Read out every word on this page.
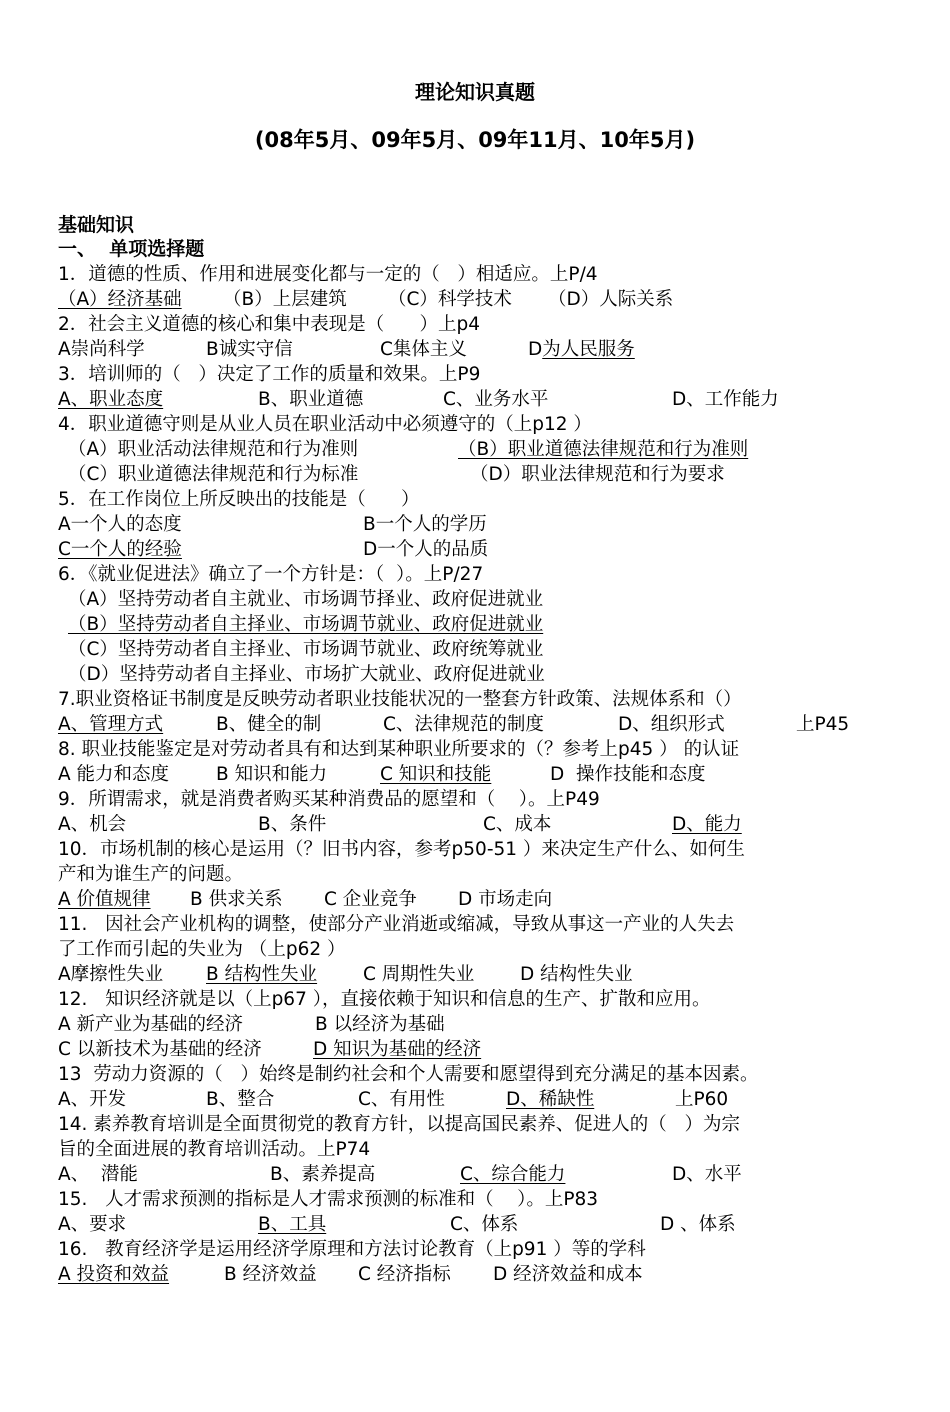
理论知识真题
(08年5月、09年5月、09年11月、10年5月)
基础知识
一、  单项选择题
1．道德的性质、作用和进展变化都与一定的（   ）相适应。上P/4

（A）经济基础

（B）上层建筑

（C）科学技术

（D）人际关系

2．社会主义道德的核心和集中表现是（      ）上p4

A崇尚科学

	B诚实守信

	C集体主义

	D为人民服务

3．培训师的（   ）决定了工作的质量和效果。上P9

A、职业态度

	B、职业道德

	C、业务水平

	D、工作能力

4．职业道德守则是从业人员在职业活动中必须遵守的（上p12 ）

（A）职业活动法律规范和行为准则

	（B）职业道德法律规范和行为准则

（C）职业道德法律规范和行为标准

	（D）职业法律规范和行为要求

5．在工作岗位上所反映出的技能是（      ）

A一个人的态度

	B一个人的学历

C一个人的经验

	D一个人的品质

6．《就业促进法》确立了一个方针是：（  ）。上P/27
（A）坚持劳动者自主就业、市场调节择业、政府促进就业
（B）坚持劳动者自主择业、市场调节就业、政府促进就业
（C）坚持劳动者自主择业、市场调节就业、政府统筹就业
（D）坚持劳动者自主择业、市场扩大就业、政府促进就业
7.职业资格证书制度是反映劳动者职业技能状况的一整套方针政策、法规体系和（）

A、管理方式

	B、健全的制

	C、法律规范的制度

	D、组织形式

	上P45

8. 职业技能鉴定是对劳动者具有和达到某种职业所要求的（？参考上p45 ） 的认证

A 能力和态度

	B 知识和能力

	C 知识和技能

	D  操作技能和态度

9．所谓需求，就是消费者购买某种消费品的愿望和（    ）。上P49

A、机会

	B、条件

	C、成本

	D、能力

10．市场机制的核心是运用（？旧书内容，参考p50-51 ）来决定生产什么、如何生
产和为谁生产的问题。

A 价值规律

B 供求关系

C 企业竞争

D 市场走向

11.   因社会产业机构的调整，使部分产业消逝或缩减，导致从事这一产业的人失去
了工作而引起的失业为 （上p62 ）

A摩擦性失业

B 结构性失业

C 周期性失业

D 结构性失业

12.   知识经济就是以（上p67 ），直接依赖于知识和信息的生产、扩散和应用。

A 新产业为基础的经济

	B 以经济为基础

C 以新技术为基础的经济

	D 知识为基础的经济

13  劳动力资源的（   ）始终是制约社会和个人需要和愿望得到充分满足的基本因素。

A、开发

	B、整合

	C、有用性

	D、稀缺性

	上P60

14. 素养教育培训是全面贯彻党的教育方针，以提高国民素养、促进人的（   ）为宗
旨的全面进展的教育培训活动。上P74

A、  潜能

	B、素养提高

	C、综合能力

	D、水平

15.   人才需求预测的指标是人才需求预测的标准和（    ）。上P83

A、要求

	B、工具

	C、体系

	D 、体系

16.   教育经济学是运用经济学原理和方法讨论教育（上p91 ）等的学科

A 投资和效益

	B 经济效益

C 经济指标

D 经济效益和成本
